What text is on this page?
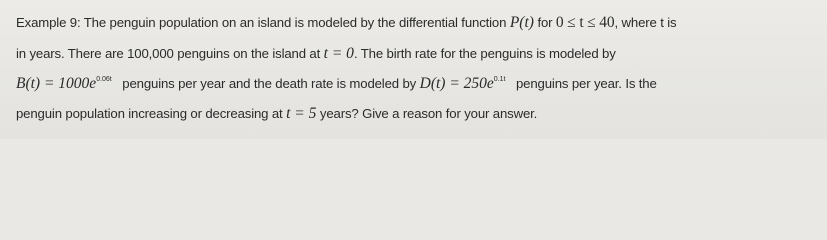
Example 9: The penguin population on an island is modeled by the differential function P(t) for 0 ≤ t ≤ 40, where t is
in years. There are 100,000 penguins on the island at t = 0. The birth rate for the penguins is modeled by
$B(t) = 1000e^{0.06t}$ penguins per year and the death rate is modeled by $D(t) = 250e^{0.1t}$ penguins per year. Is the
penguin population increasing or decreasing at t = 5 years? Give a reason for your answer.
